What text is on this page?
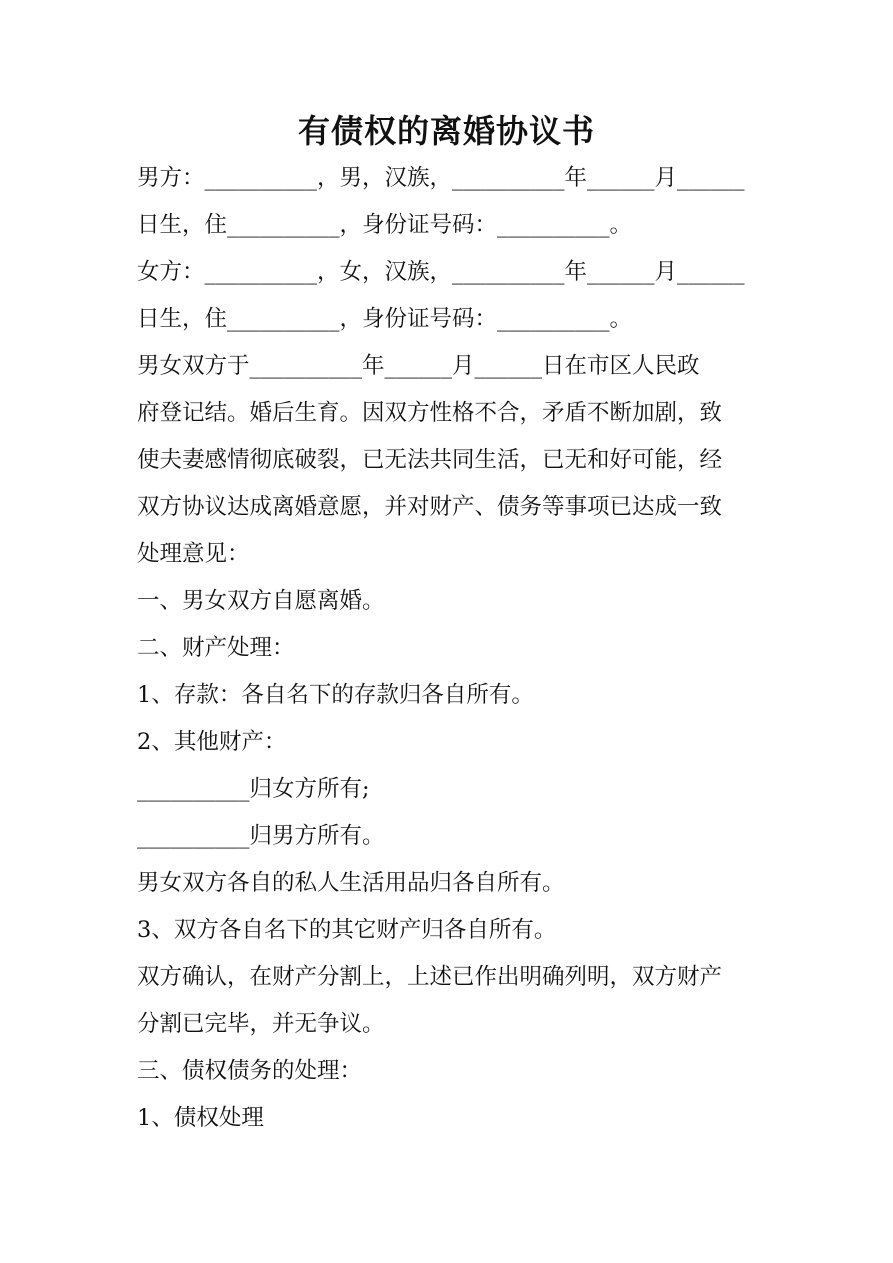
有债权的离婚协议书
男方：__________，男，汉族，__________年______月______
日生，住__________，身份证号码：__________。
女方：__________，女，汉族，__________年______月______
日生，住__________，身份证号码：__________。
男女双方于__________年______月______日在市区人民政
府登记结。婚后生育。因双方性格不合，矛盾不断加剧，致
使夫妻感情彻底破裂，已无法共同生活，已无和好可能，经
双方协议达成离婚意愿，并对财产、债务等事项已达成一致
处理意见：
一、男女双方自愿离婚。
二、财产处理：
1、存款：各自名下的存款归各自所有。
2、其他财产：
__________归女方所有;
__________归男方所有。
男女双方各自的私人生活用品归各自所有。
3、双方各自名下的其它财产归各自所有。
双方确认，在财产分割上，上述已作出明确列明，双方财产
分割已完毕，并无争议。
三、债权债务的处理：
1、债权处理
